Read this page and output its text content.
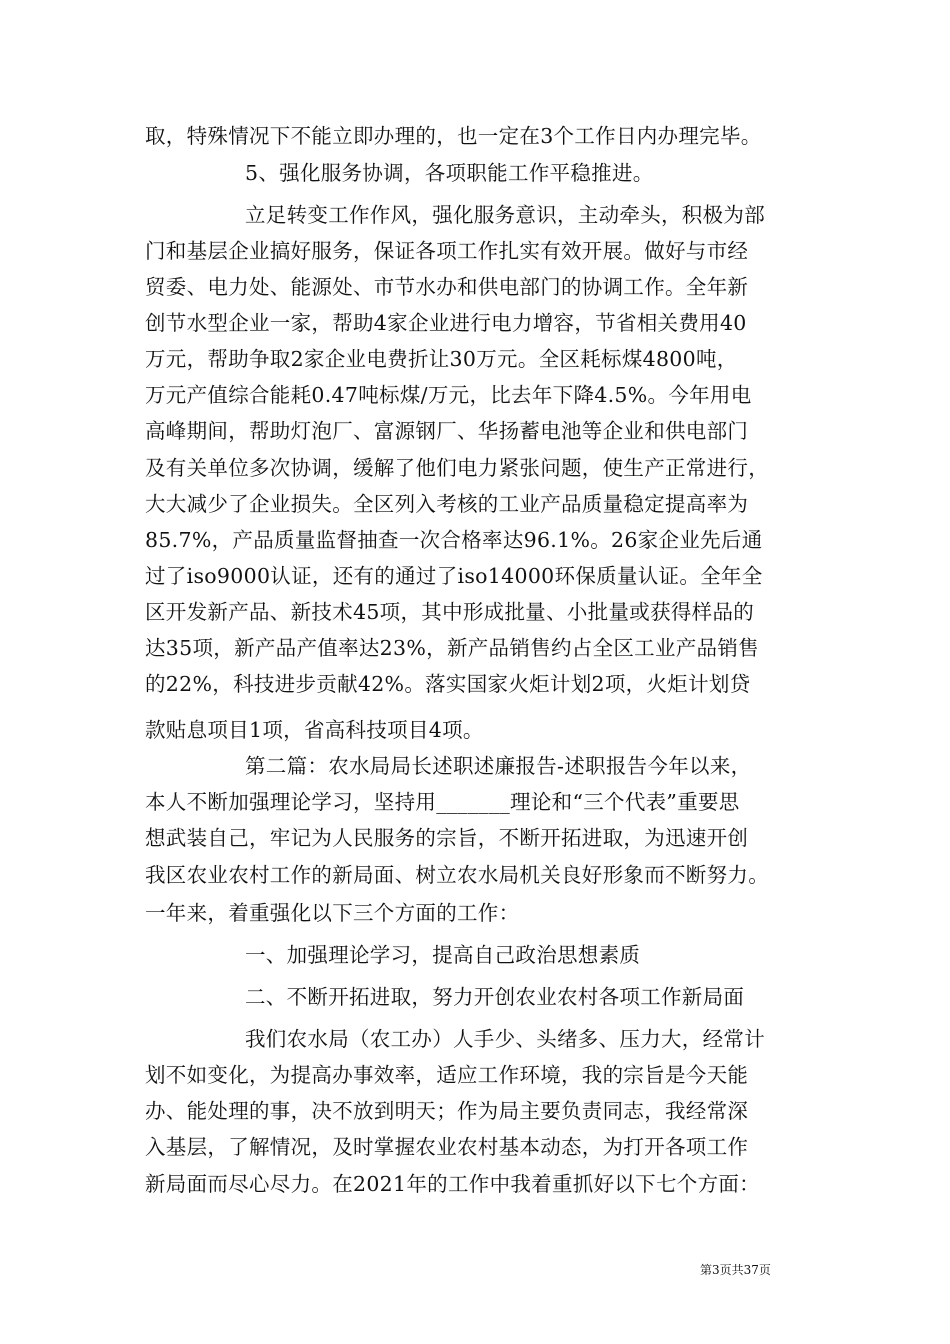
取，特殊情况下不能立即办理的，也一定在3个工作日内办理完毕。
5、强化服务协调，各项职能工作平稳推进。
立足转变工作作风，强化服务意识，主动牵头，积极为部
门和基层企业搞好服务，保证各项工作扎实有效开展。做好与市经
贸委、电力处、能源处、市节水办和供电部门的协调工作。全年新
创节水型企业一家，帮助4家企业进行电力增容，节省相关费用40
万元，帮助争取2家企业电费折让30万元。全区耗标煤4800吨，
万元产值综合能耗0.47吨标煤/万元，比去年下降4.5%。今年用电
高峰期间，帮助灯泡厂、富源钢厂、华扬蓄电池等企业和供电部门
及有关单位多次协调，缓解了他们电力紧张问题，使生产正常进行，
大大减少了企业损失。全区列入考核的工业产品质量稳定提高率为
85.7%，产品质量监督抽查一次合格率达96.1%。26家企业先后通
过了iso9000认证，还有的通过了iso14000环保质量认证。全年全
区开发新产品、新技术45项，其中形成批量、小批量或获得样品的
达35项，新产品产值率达23%，新产品销售约占全区工业产品销售
的22%，科技进步贡献42%。落实国家火炬计划2项，火炬计划贷
款贴息项目1项，省高科技项目4项。
第二篇：农水局局长述职述廉报告-述职报告今年以来，
本人不断加强理论学习，坚持用_______理论和“三个代表”重要思
想武装自己，牢记为人民服务的宗旨，不断开拓进取，为迅速开创
我区农业农村工作的新局面、树立农水局机关良好形象而不断努力。
一年来，着重强化以下三个方面的工作：
一、加强理论学习，提高自己政治思想素质
二、不断开拓进取，努力开创农业农村各项工作新局面
我们农水局（农工办）人手少、头绪多、压力大，经常计
划不如变化，为提高办事效率，适应工作环境，我的宗旨是今天能
办、能处理的事，决不放到明天；作为局主要负责同志，我经常深
入基层，了解情况，及时掌握农业农村基本动态，为打开各项工作
新局面而尽心尽力。在2021年的工作中我着重抓好以下七个方面：
第3页共37页
